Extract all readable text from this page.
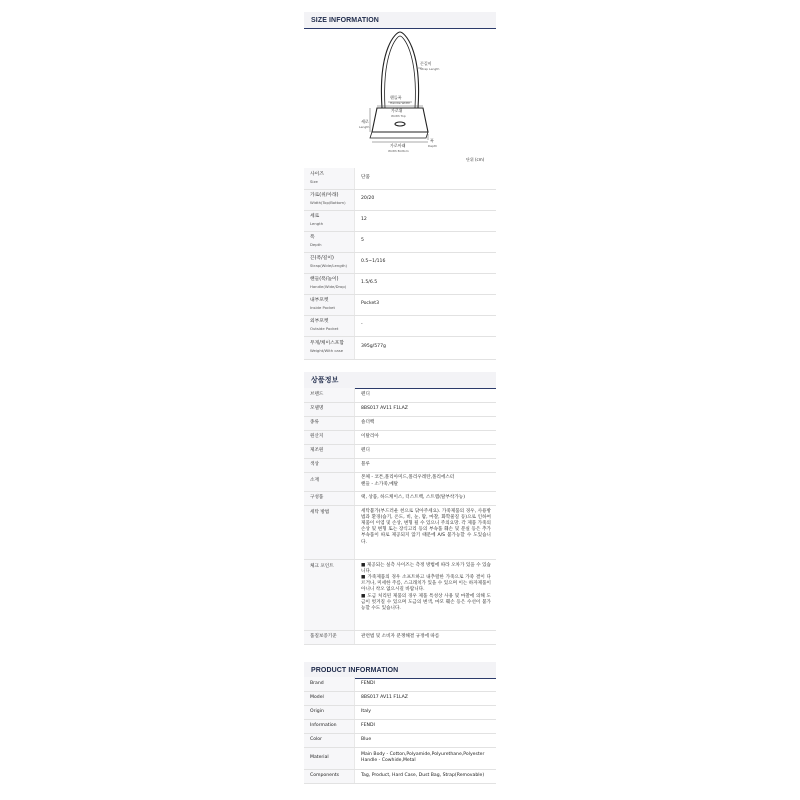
SIZE INFORMATION
끈길이
Strap Length
핸들폭
Handle Width
가로위
Width Top
세로
Length
가로아래
Width Bottom
폭
Depth
단위 (cm)
사이즈
Size	단품

가로(위/아래)
Width(Top/Bottom)	20/20

세로
Length	12

폭
Depth	5

끈(폭/길이)
Strap(Wide/Length)	0.5~1/116

핸들(폭/높이)
Handle(Wide/Drop)	1.5/6.5

내부포켓
Inside Pocket	Pocket3

외부포켓
Outside Pocket	-

무게/케이스포함
Weight/With case	395g/577g
상품정보
브랜드	펜디
모델명	8BS017 AV11 F1LAZ
종류	숄더백
원산지	이탈리아
제조원	펜디
색상	블루
소재	본체 - 코튼,폴리아미드,폴리우레탄,폴리에스터
핸들 - 소가죽,메탈
구성품	택, 상품, 하드케이스, 더스트백, 스트랩(탈부착가능)
세탁 방법	세탁불가(부드러운 천으로 닦아주세요). 가죽제품의 경우, 사용방법과 환경(습기, 온도, 비, 눈, 땀, 마찰, 화학물질 등)으로 인하여 제품이 이염 및 손상, 변형 될 수 있으니 주의요망. 각 제품 가죽의 손상 및 변형 또는 장식고리 등의 부속품 훼손 및 분실 등은 추가 부속품이 따로 제공되지 않기 때문에 A/S 불가능할 수 도있습니다.
체크 포인트	■ 제공되는 실측 사이즈는 측정 방법에 따라 오차가 있을 수 있습니다.
■ 가죽제품의 경우 소프트하고 내추럴한 가죽으로 가죽 결이 다르거나, 미세한 주름, 스크래치가 있을 수 있으며 이는 하자제품이 아니니 착오 없으시길 바랍니다.
■ 도금 처리된 제품의 경우 제품 특성상 사용 및 마찰에 의해 도금이 벗겨질 수 있으며 도금의 변색, 마모 훼손 등은 수선이 불가능할 수도 있습니다.
품질보증기준	관련법 및 소비자 분쟁해결 규정에 따름
PRODUCT INFORMATION
Brand	FENDI
Model	8BS017 AV11 F1LAZ
Origin	Italy
Information	FENDI
Color	Blue
Material	Main Body - Cotton,Polyamide,Polyurethane,Polyester
Handle - Cowhide,Metal
Components	Tag, Product, Hard Case, Dust Bag, Strap(Removable)
